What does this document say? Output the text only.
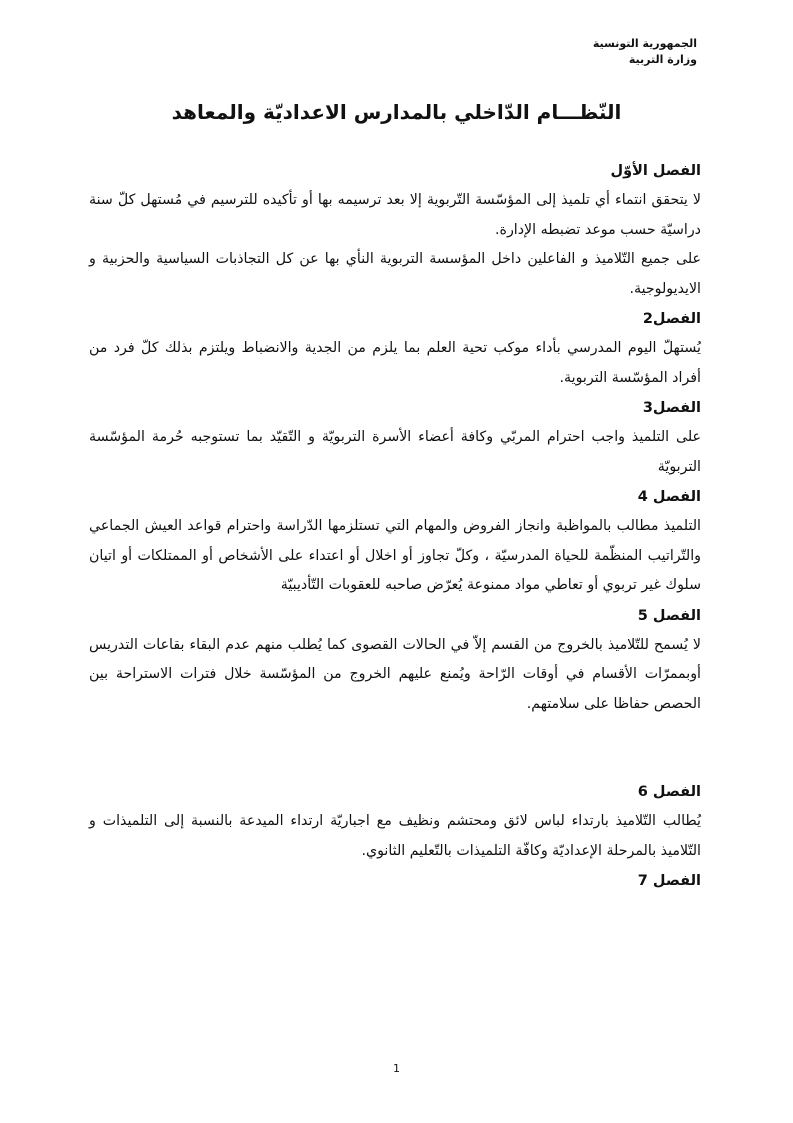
الجمهورية التونسية
وزارة التربية
النّظـــام الدّاخلي بالمدارس الاعداديّة والمعاهد

الفصل الأوّل

لا يتحقق انتماء أي تلميذ إلى المؤسّسة التّربوية إلا بعد ترسيمه بها أو تأكيده للترسيم في مُستهل كلّ سنة دراسيّة حسب موعد تضبطه الإدارة.

على جميع التّلاميذ و الفاعلين داخل المؤسسة التربوية النأي بها عن كل التجاذبات السياسية والحزبية و الايديولوجية.

الفصل2

يُستهلّ اليوم المدرسي بأداء موكب تحية العلم بما يلزم من الجدية والانضباط ويلتزم بذلك كلّ فرد من أفراد المؤسّسة التربوية.

الفصل3

على التلميذ واجب احترام المربّي وكافة أعضاء الأسرة التربويّة و التّقيّد بما تستوجبه حُرمة المؤسّسة التربويّة

الفصل 4

التلميذ مطالب بالمواظبة وانجاز الفروض والمهام التي تستلزمها الدّراسة واحترام قواعد العيش الجماعي والتّراتيب المنظّمة للحياة المدرسيّة ، وكلّ تجاوز أو اخلال أو اعتداء على الأشخاص أو الممتلكات أو اتيان سلوك غير تربوي أو تعاطي مواد ممنوعة يُعرّض صاحبه للعقوبات التّأديبيّة

الفصل 5

لا يُسمح للتّلاميذ بالخروج من القسم إلاّ في الحالات القصوى كما يُطلب منهم عدم البقاء بقاعات التدريس أوبممرّات الأقسام في أوقات الرّاحة ويُمنع عليهم الخروج من المؤسّسة خلال فترات الاستراحة بين الحصص حفاظا على سلامتهم.

الفصل 6

يُطالب التّلاميذ بارتداء لباس لائق ومحتشم ونظيف مع اجباريّة ارتداء الميدعة بالنسبة إلى التلميذات و التّلاميذ بالمرحلة الإعداديّة وكافّة التلميذات بالتّعليم الثانوي.

الفصل 7

1
